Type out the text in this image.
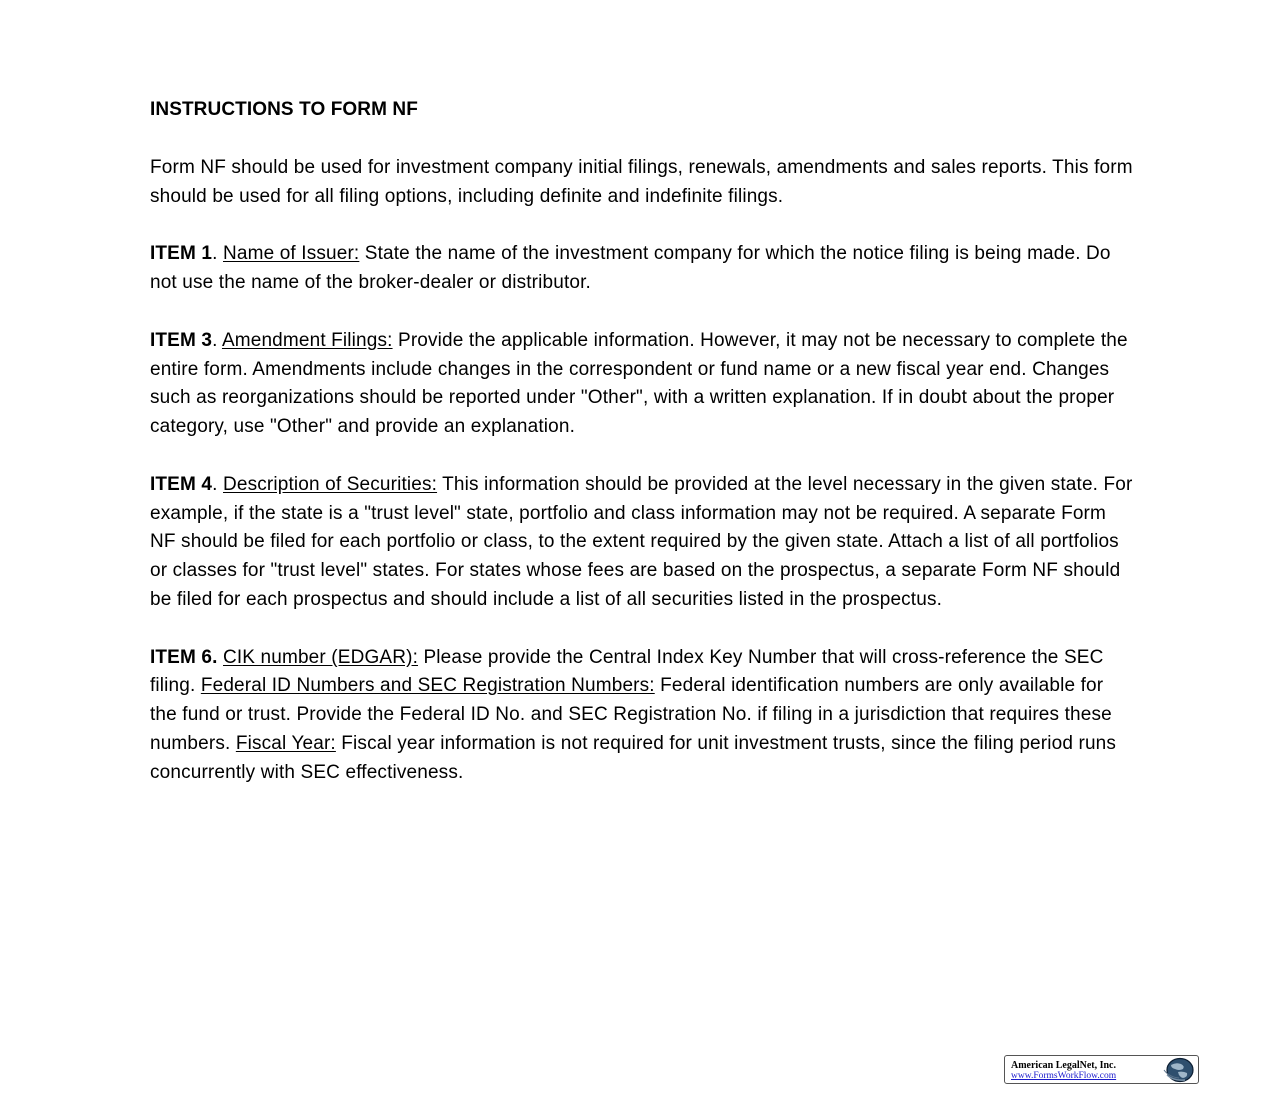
INSTRUCTIONS TO FORM NF
Form NF should be used for investment company initial filings, renewals, amendments and sales reports. This form should be used for all filing options, including definite and indefinite filings.
ITEM 1. Name of Issuer: State the name of the investment company for which the notice filing is being made. Do not use the name of the broker-dealer or distributor.
ITEM 3. Amendment Filings: Provide the applicable information. However, it may not be necessary to complete the entire form. Amendments include changes in the correspondent or fund name or a new fiscal year end. Changes such as reorganizations should be reported under "Other", with a written explanation. If in doubt about the proper category, use "Other" and provide an explanation.
ITEM 4. Description of Securities: This information should be provided at the level necessary in the given state. For example, if the state is a "trust level" state, portfolio and class information may not be required. A separate Form NF should be filed for each portfolio or class, to the extent required by the given state. Attach a list of all portfolios or classes for "trust level" states. For states whose fees are based on the prospectus, a separate Form NF should be filed for each prospectus and should include a list of all securities listed in the prospectus.
ITEM 6. CIK number (EDGAR): Please provide the Central Index Key Number that will cross-reference the SEC filing. Federal ID Numbers and SEC Registration Numbers: Federal identification numbers are only available for the fund or trust. Provide the Federal ID No. and SEC Registration No. if filing in a jurisdiction that requires these numbers. Fiscal Year: Fiscal year information is not required for unit investment trusts, since the filing period runs concurrently with SEC effectiveness.
American LegalNet, Inc.
www.FormsWorkFlow.com
